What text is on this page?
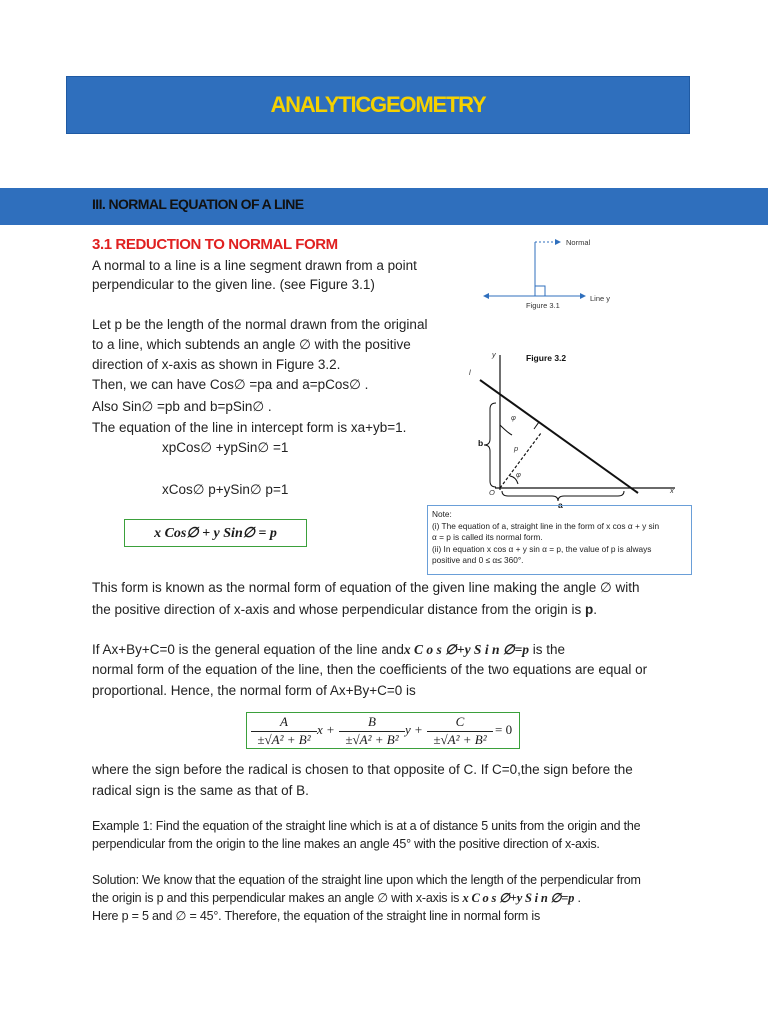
ANALYTICGEOMETRY
III. NORMAL EQUATION OF A LINE
3.1 REDUCTION TO NORMAL FORM
A normal to a line is a line segment drawn from a point
perpendicular to the given line. (see Figure 3.1)
Let p be the length of the normal drawn from the original
to a line, which subtends an angle ∅ with the positive
direction of x-axis as shown in Figure 3.2.
Then, we can have Cos∅ =pa and a=pCos∅ .
Also Sin∅ =pb and b=pSin∅ .
The equation of the line in intercept form is xa+yb=1.
xpCos∅ +ypSin∅ =1
xCos∅ p+ySin∅ p=1
x Cos∅ + y Sin∅ = p
Normal
Figure 3.1
Line y
y	Figure 3.2
l
φ
b
p
φ
O
a
x
Note:
(i) The equation of a, straight line in the form of x cos α + y sin
α = p is called its normal form.
(ii) In equation x cos α + y sin α = p, the value of p is always
positive and 0 ≤ α≤ 360°.
This form is known as the normal form of equation of the given line making the angle ∅ with
the positive direction of x-axis and whose perpendicular distance from the origin is p.
If Ax+By+C=0 is the general equation of the line andx C o s ∅+y S i n ∅=p is the
normal form of the equation of the line, then the coefficients of the two equations are equal or
proportional. Hence, the normal form of Ax+By+C=0 is
$\frac{A}{\text{±√A² + B²}}$ $x + \frac{B}{\text{±√A² + B²}}$ $y + \frac{C}{\text{±√A² + B²}} = 0$
where the sign before the radical is chosen to that opposite of C. If C=0,the sign before the
radical sign is the same as that of B.
Example 1: Find the equation of the straight line which is at a of distance 5 units from the origin and the
perpendicular from the origin to the line makes an angle 45° with the positive direction of x-axis.
Solution: We know that the equation of the straight line upon which the length of the perpendicular from
the origin is p and this perpendicular makes an angle ∅ with x-axis is x C o s ∅+y S i n ∅=p .
Here p = 5 and ∅ = 45°. Therefore, the equation of the straight line in normal form is
